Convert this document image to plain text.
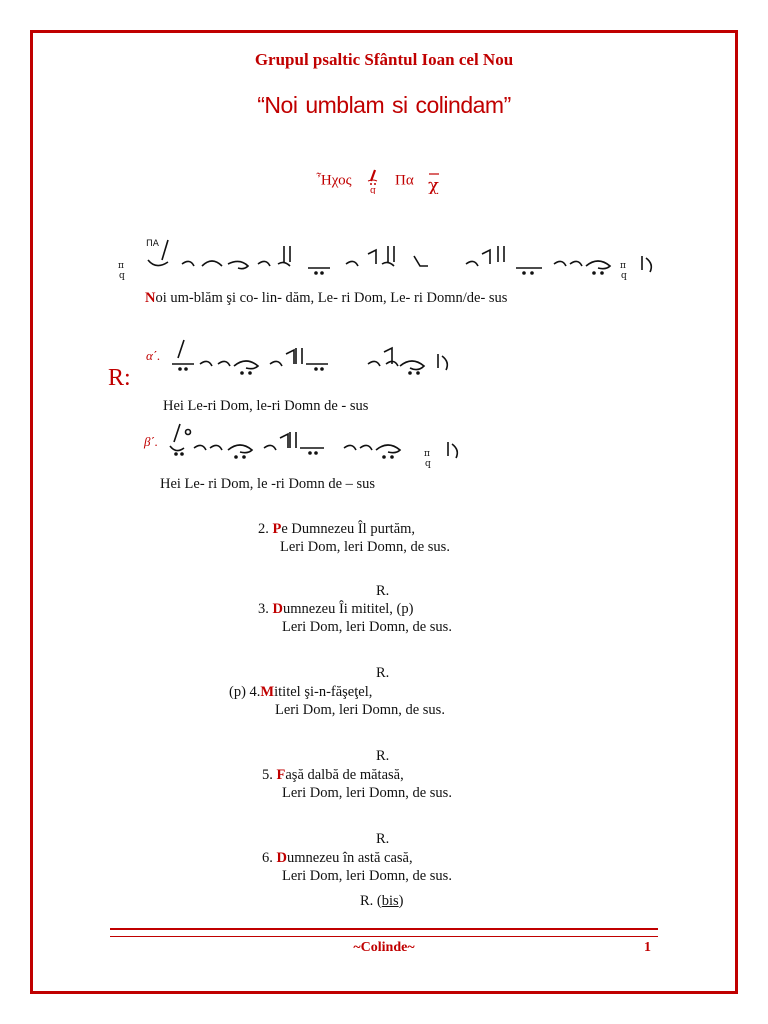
Grupul psaltic Sfântul Ioan cel Nou
“Noi umblam si colindam”
Ἦχος
q
Πα χ
π
q
ΠΑ
π
q
Noi um-blăm şi co- lin- dăm, Le- ri Dom, Le- ri Domn/de- sus
R:
α΄.
Hei Le-ri Dom, le-ri Domn de - sus
β΄.
π
q
Hei Le- ri Dom, le -ri Domn de – sus
2. Pe Dumnezeu Îl purtăm,
Leri Dom, leri Domn, de sus.
R.
3. Dumnezeu Îi mititel, (p)
Leri Dom, leri Domn, de sus.
R.
(p) 4.Mititel şi-n-făşeţel,
Leri Dom, leri Domn, de sus.
R.
5. Faşă dalbă de mătasă,
Leri Dom, leri Domn, de sus.
R.
6. Dumnezeu în astă casă,
Leri Dom, leri Domn, de sus.
R. (bis)
~Colinde~	1
